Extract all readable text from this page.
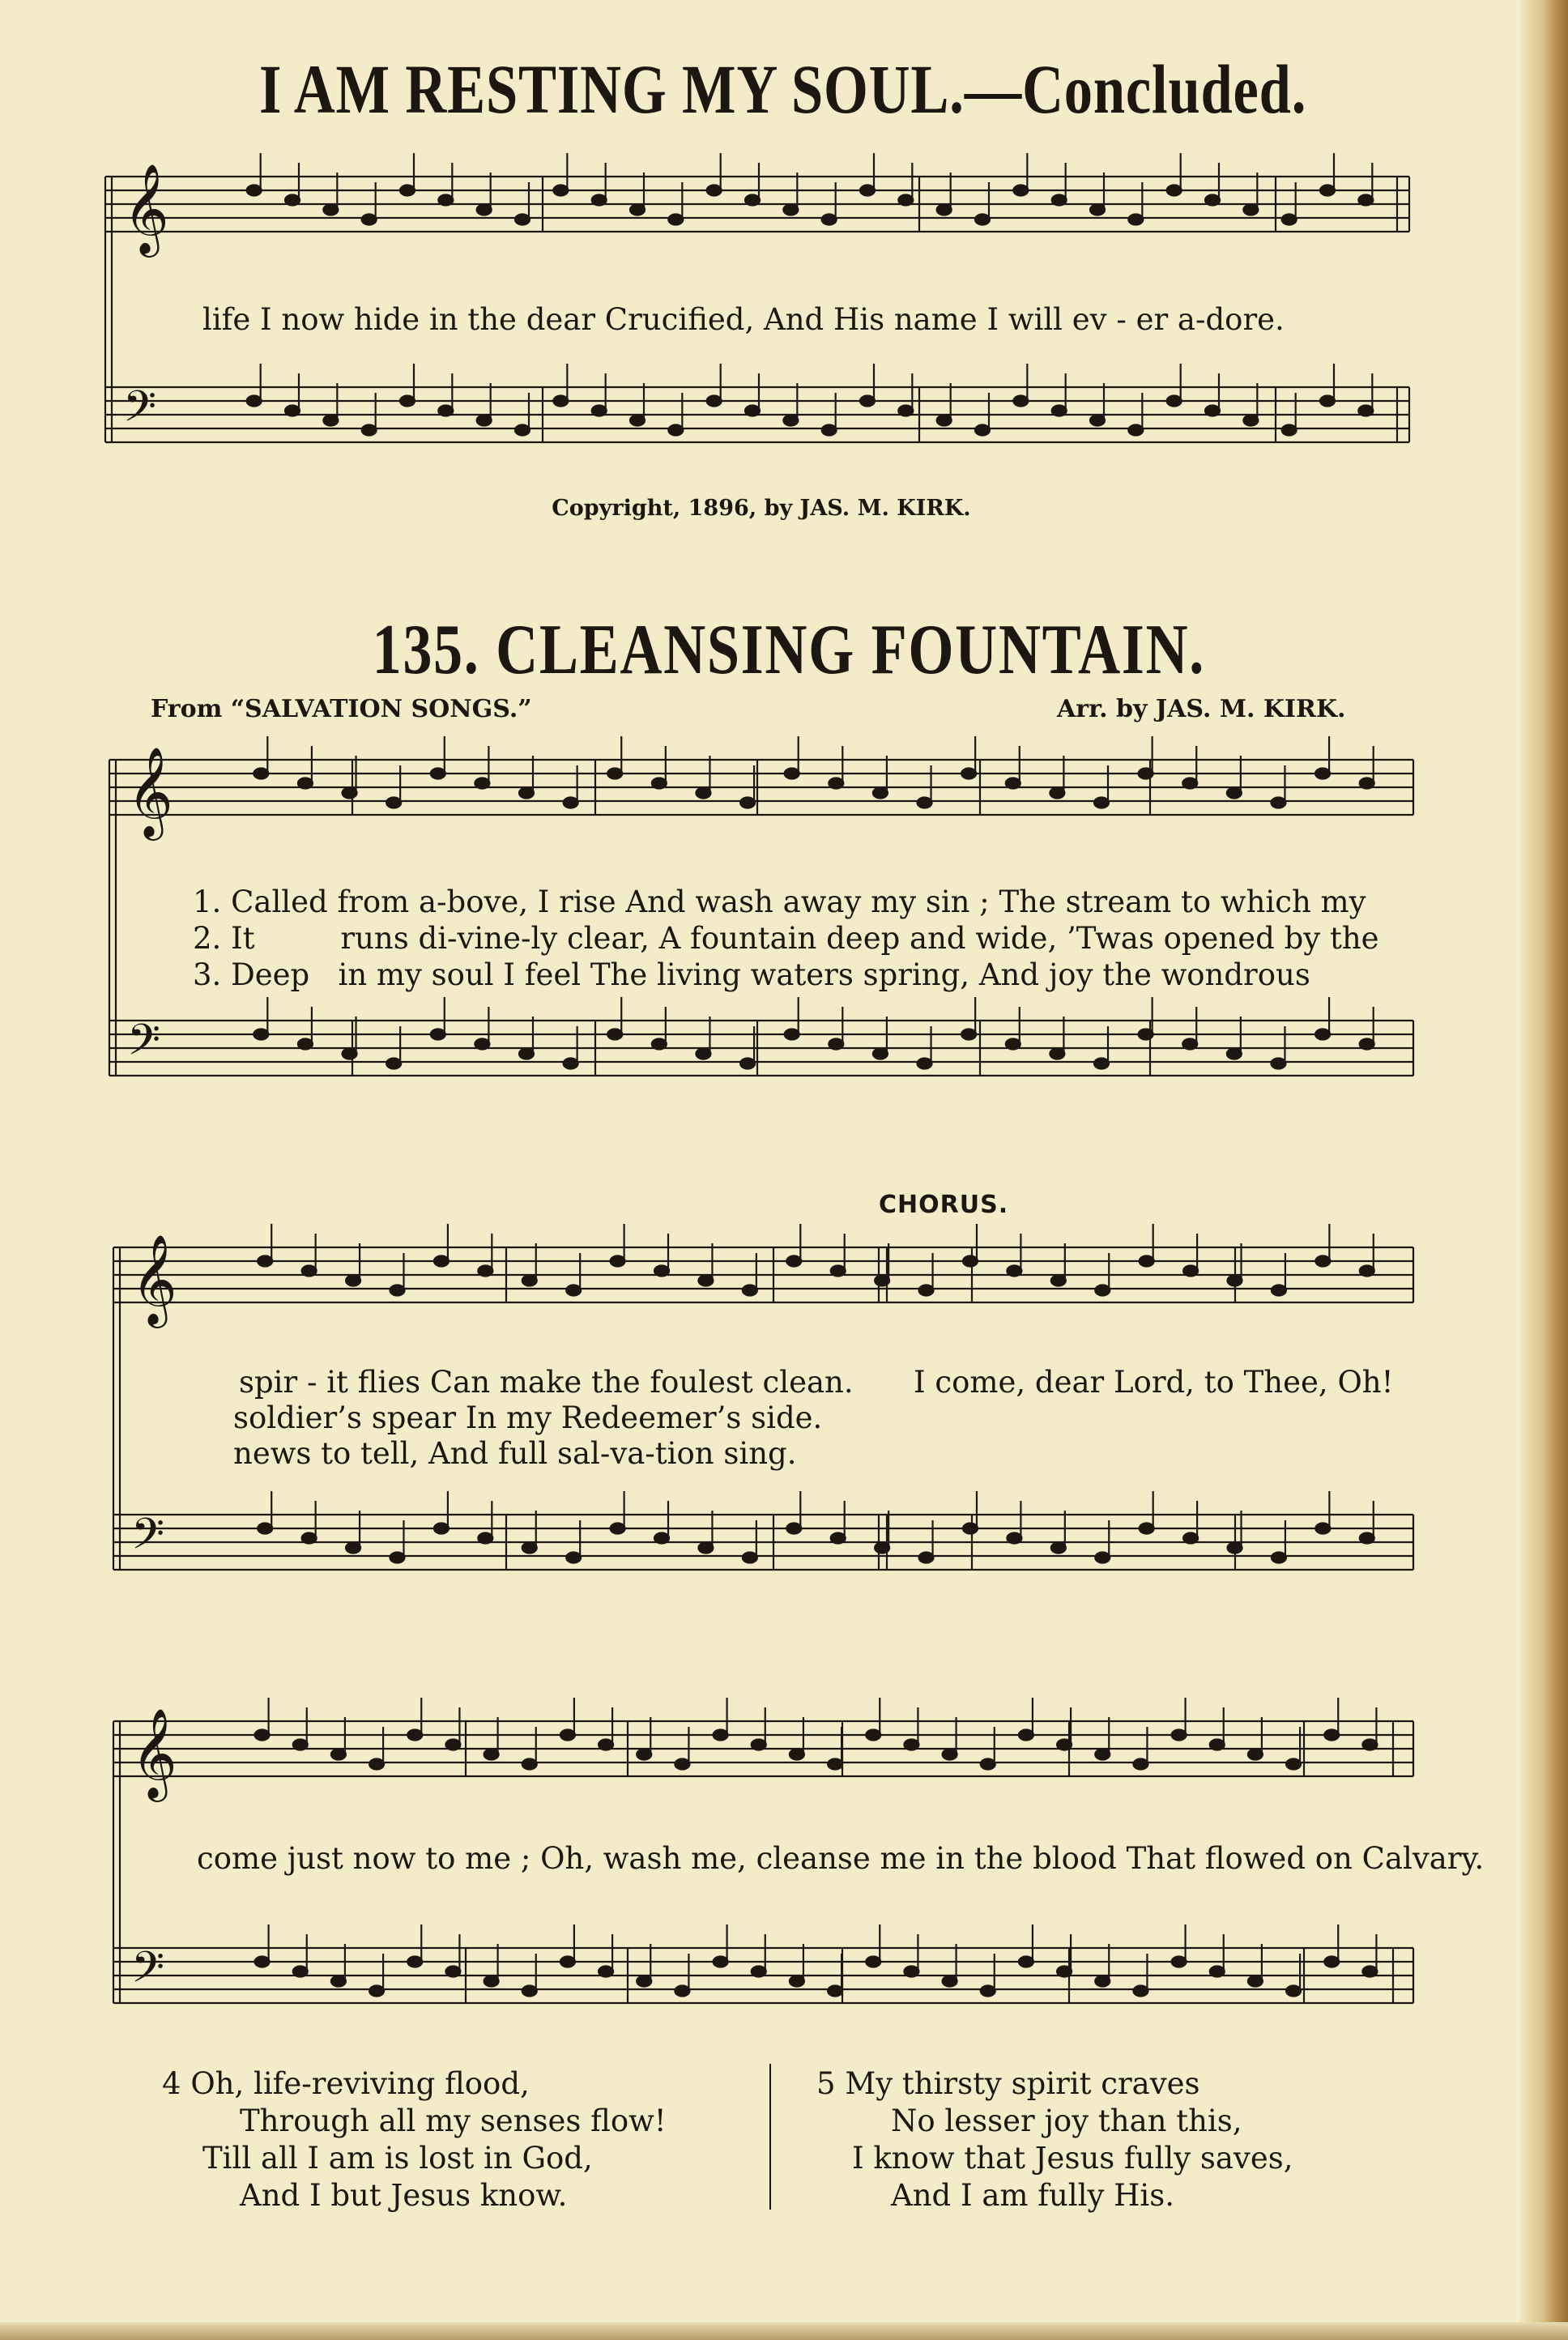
I AM RESTING MY SOUL.—Concluded.
𝄞
𝄢
𝄞
𝄢
𝄞
𝄢
𝄞
𝄢
life I now hide in the dear Crucified, And His name I will ev - er a-dore.
Copyright, 1896, by JAS. M. KIRK.
135. CLEANSING FOUNTAIN.
From “SALVATION SONGS.”	Arr. by JAS. M. KIRK.
1. Called from a-bove, I rise And wash away my sin ; The stream to which my
2. It         runs di-vine-ly clear, A fountain deep and wide, ’Twas opened by the
3. Deep   in my soul I feel The living waters spring, And joy the wondrous
CHORUS.
spir - it flies Can make the foulest clean.
soldier’s spear In my Redeemer’s side.
news to tell, And full sal-va-tion sing.
I come, dear Lord, to Thee, Oh!
come just now to me ; Oh, wash me, cleanse me in the blood That flowed on Calvary.
4 Oh, life-reviving flood,
Through all my senses flow!
Till all I am is lost in God,
And I but Jesus know.
5 My thirsty spirit craves
No lesser joy than this,
I know that Jesus fully saves,
And I am fully His.
